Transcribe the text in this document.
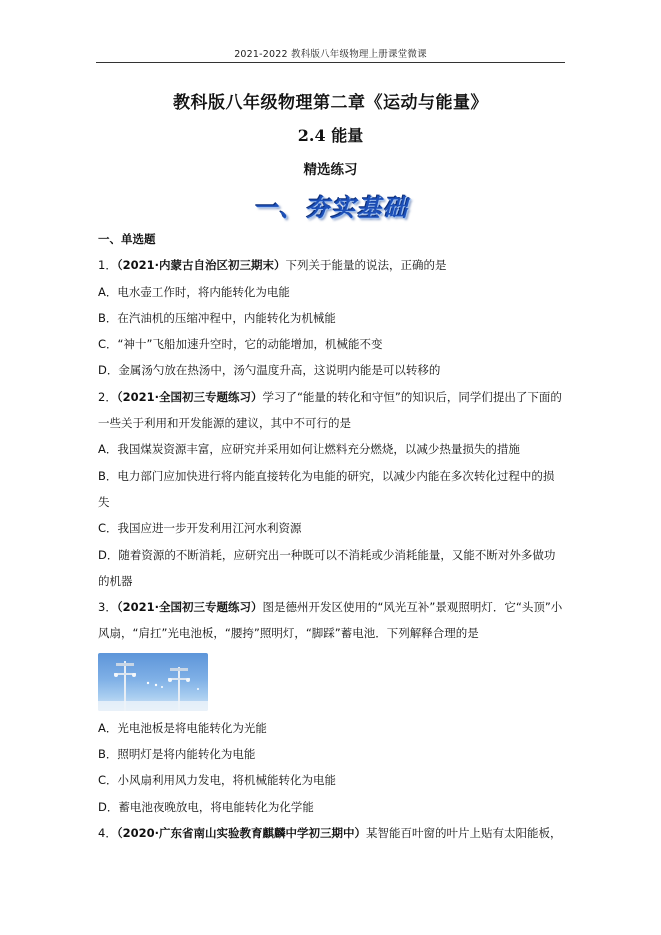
2021-2022 教科版八年级物理上册课堂微课
教科版八年级物理第二章《运动与能量》
2.4 能量
精选练习
一、夯实基础
一、单选题
1．（2021·内蒙古自治区初三期末）下列关于能量的说法，正确的是
A．电水壶工作时，将内能转化为电能
B．在汽油机的压缩冲程中，内能转化为机械能
C．“神十”飞船加速升空时，它的动能增加，机械能不变
D．金属汤勺放在热汤中，汤勺温度升高，这说明内能是可以转移的
2．（2021·全国初三专题练习）学习了“能量的转化和守恒”的知识后，同学们提出了下面的
一些关于利用和开发能源的建议，其中不可行的是
A．我国煤炭资源丰富，应研究并采用如何让燃料充分燃烧，以减少热量损失的措施
B．电力部门应加快进行将内能直接转化为电能的研究，以减少内能在多次转化过程中的损
失
C．我国应进一步开发利用江河水利资源
D．随着资源的不断消耗，应研究出一种既可以不消耗或少消耗能量，又能不断对外多做功
的机器
3．（2021·全国初三专题练习）图是德州开发区使用的“风光互补”景观照明灯．它“头顶”小
风扇，“肩扛”光电池板，“腰挎”照明灯，“脚踩”蓄电池．下列解释合理的是
A．光电池板是将电能转化为光能
B．照明灯是将内能转化为电能
C．小风扇利用风力发电，将机械能转化为电能
D．蓄电池夜晚放电，将电能转化为化学能
4．（2020·广东省南山实验教育麒麟中学初三期中）某智能百叶窗的叶片上贴有太阳能板，
